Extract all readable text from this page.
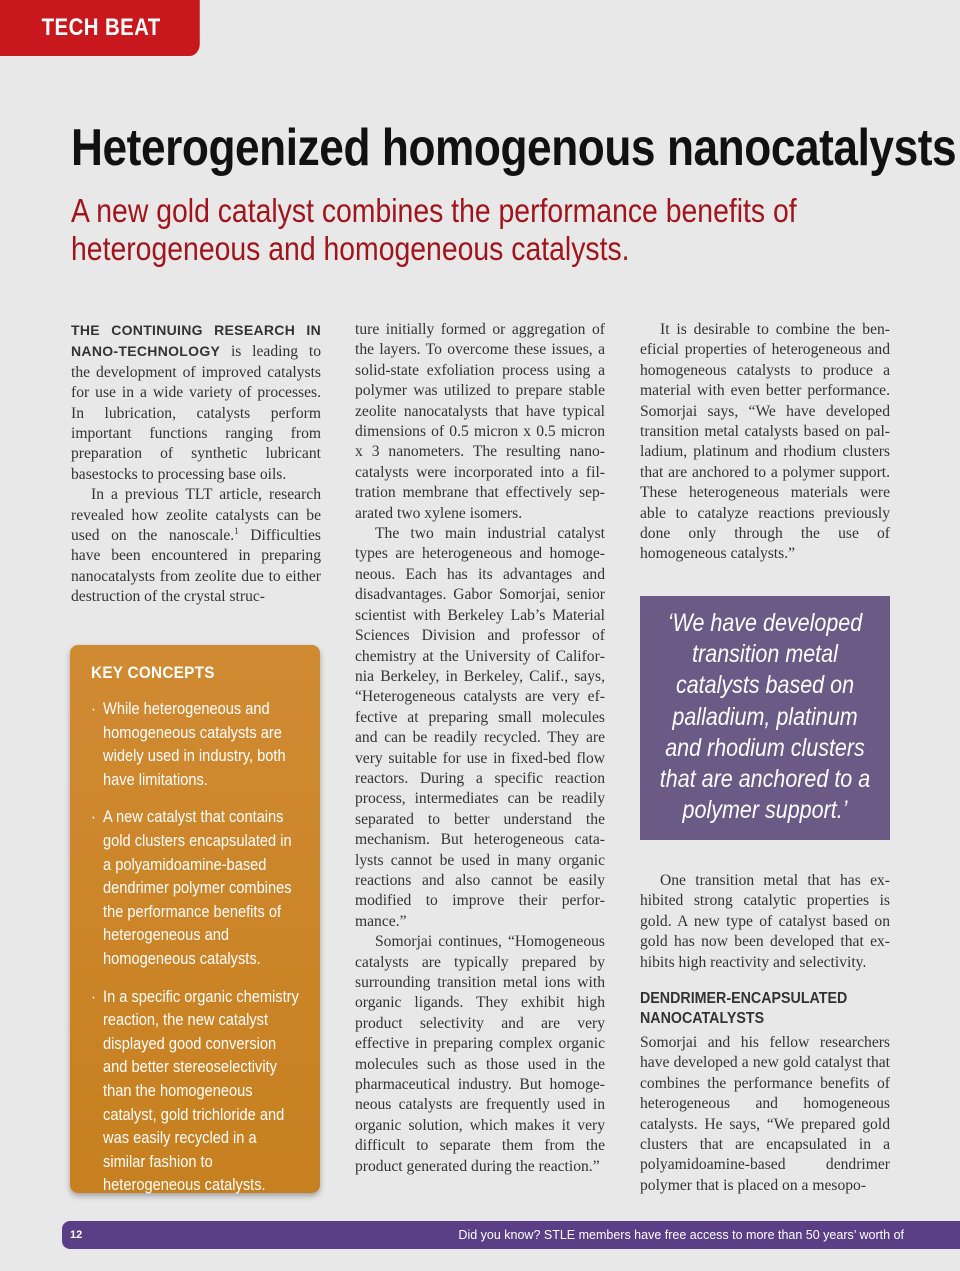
TECH BEAT
Heterogenized homogenous nanocatalysts
A new gold catalyst combines the performance benefits of heterogeneous and homogeneous catalysts.

THE CONTINUING RESEARCH IN NANO-TECHNOLOGY is leading to the development of improved catalysts for use in a wide variety of processes. In lubrication, catalysts perform important functions ranging from preparation of synthetic lubricant basestocks to processing base oils.

In a previous TLT article, research revealed how zeolite catalysts can be used on the nanoscale.$^1$ Difficulties have been encountered in preparing nanocatalysts from zeolite due to either destruction of the crystal struc-

KEY CONCEPTS
· While heterogeneous and homogeneous catalysts are widely used in industry, both have limitations.
· A new catalyst that contains gold clusters encapsulated in a polyamidoamine-based dendrimer polymer combines the performance benefits of heterogeneous and homogeneous catalysts.
· In a specific organic chemistry reaction, the new catalyst displayed good conversion and better stereoselectivity than the homogeneous catalyst, gold trichloride and was easily recycled in a similar fashion to heterogeneous catalysts.

ture initially formed or aggregation of the layers. To overcome these issues, a solid-state exfoliation process using a polymer was utilized to prepare stable zeolite nanocatalysts that have typical dimensions of 0.5 micron x 0.5 micron x 3 nanometers. The resulting nanocatalysts were incorporated into a filtration membrane that effectively separated two xylene isomers.

The two main industrial catalyst types are heterogeneous and homogeneous. Each has its advantages and disadvantages. Gabor Somorjai, senior scientist with Berkeley Lab’s Material Sciences Division and professor of chemistry at the University of California Berkeley, in Berkeley, Calif., says, “Heterogeneous catalysts are very effective at preparing small molecules and can be readily recycled. They are very suitable for use in fixed-bed flow reactors. During a specific reaction process, intermediates can be readily separated to better understand the mechanism. But heterogeneous catalysts cannot be used in many organic reactions and also cannot be easily modified to improve their performance.”

Somorjai continues, “Homogeneous catalysts are typically prepared by surrounding transition metal ions with organic ligands. They exhibit high product selectivity and are very effective in preparing complex organic molecules such as those used in the pharmaceutical industry. But homogeneous catalysts are frequently used in organic solution, which makes it very difficult to separate them from the product generated during the reaction.”

It is desirable to combine the beneficial properties of heterogeneous and homogeneous catalysts to produce a material with even better performance. Somorjai says, “We have developed transition metal catalysts based on palladium, platinum and rhodium clusters that are anchored to a polymer support. These heterogeneous materials were able to catalyze reactions previously done only through the use of homogeneous catalysts.”

‘We have developed transition metal catalysts based on palladium, platinum and rhodium clusters that are anchored to a polymer support.’

One transition metal that has exhibited strong catalytic properties is gold. A new type of catalyst based on gold has now been developed that exhibits high reactivity and selectivity.

DENDRIMER-ENCAPSULATED NANOCATALYSTS

Somorjai and his fellow researchers have developed a new gold catalyst that combines the performance benefits of heterogeneous and homogeneous catalysts. He says, “We prepared gold clusters that are encapsulated in a polyamidoamine-based dendrimer polymer that is placed on a mesopo-

12	Did you know? STLE members have free access to more than 50 years’ worth of
